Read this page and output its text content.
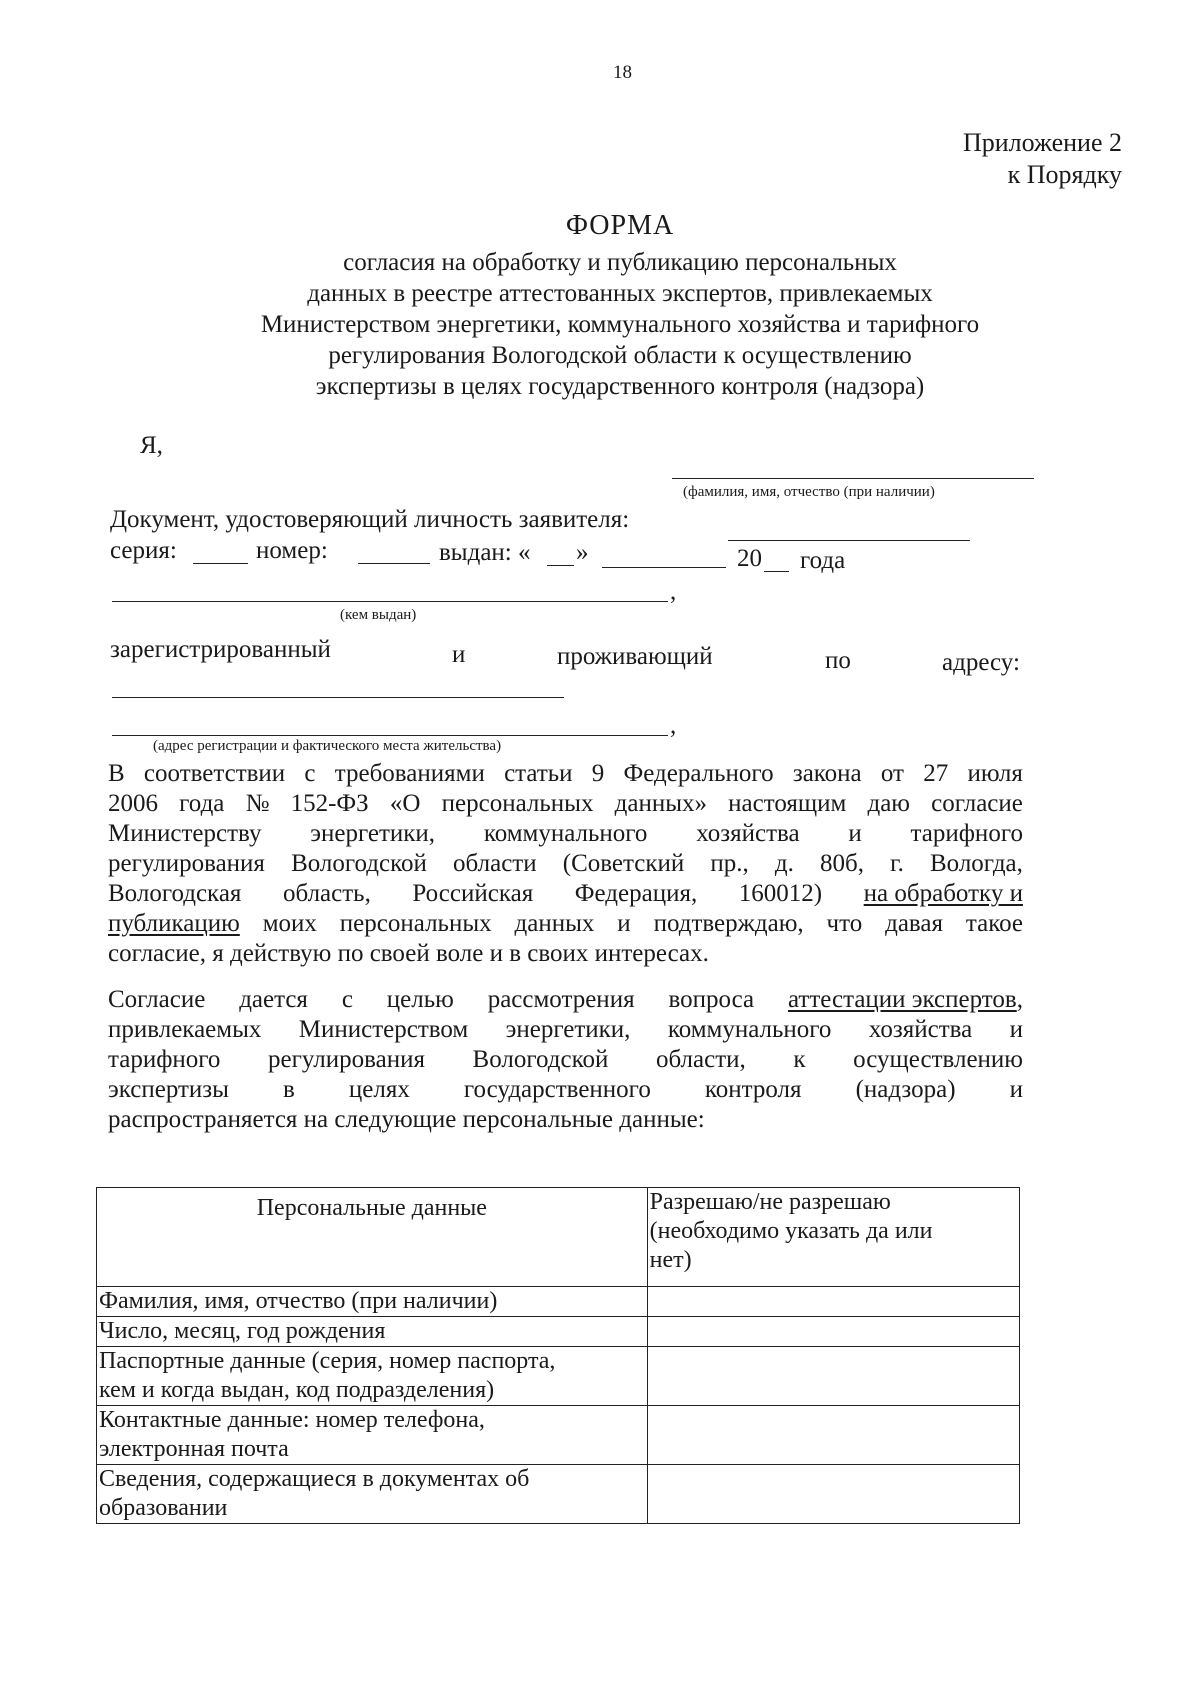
18
Приложение 2
к Порядку
ФОРМА
согласия на обработку и публикацию персональных
данных в реестре аттестованных экспертов, привлекаемых
Министерством энергетики, коммунального хозяйства и тарифного
регулирования Вологодской области к осуществлению
экспертизы в целях государственного контроля (надзора)
Я,
(фамилия, имя, отчество (при наличии)
Документ, удостоверяющий личность заявителя:
серия:	номер:	выдан: « »	20 года
,
(кем выдан)
зарегистрированный	и	проживающий	по	адресу:
,
(адрес регистрации и фактического места жительства)
В соответствии с требованиями статьи 9 Федерального закона от 27 июля
2006 года № 152-ФЗ «О персональных данных» настоящим даю согласие
Министерству энергетики, коммунального хозяйства и тарифного
регулирования Вологодской области (Советский пр., д. 80б, г. Вологда,
Вологодская область, Российская Федерация, 160012) на обработку и
публикацию моих персональных данных и подтверждаю, что давая такое
согласие, я действую по своей воле и в своих интересах.
Согласие дается с целью рассмотрения вопроса аттестации экспертов,
привлекаемых Министерством энергетики, коммунального хозяйства и
тарифного регулирования Вологодской области, к осуществлению
экспертизы в целях государственного контроля (надзора) и
распространяется на следующие персональные данные:
Персональные данные	Разрешаю/не разрешаю
(необходимо указать да или
нет)

Фамилия, имя, отчество (при наличии)	

Число, месяц, год рождения	

Паспортные данные (серия, номер паспорта,
кем и когда выдан, код подразделения)	

Контактные данные: номер телефона,
электронная почта	

Сведения, содержащиеся в документах об
образовании	
